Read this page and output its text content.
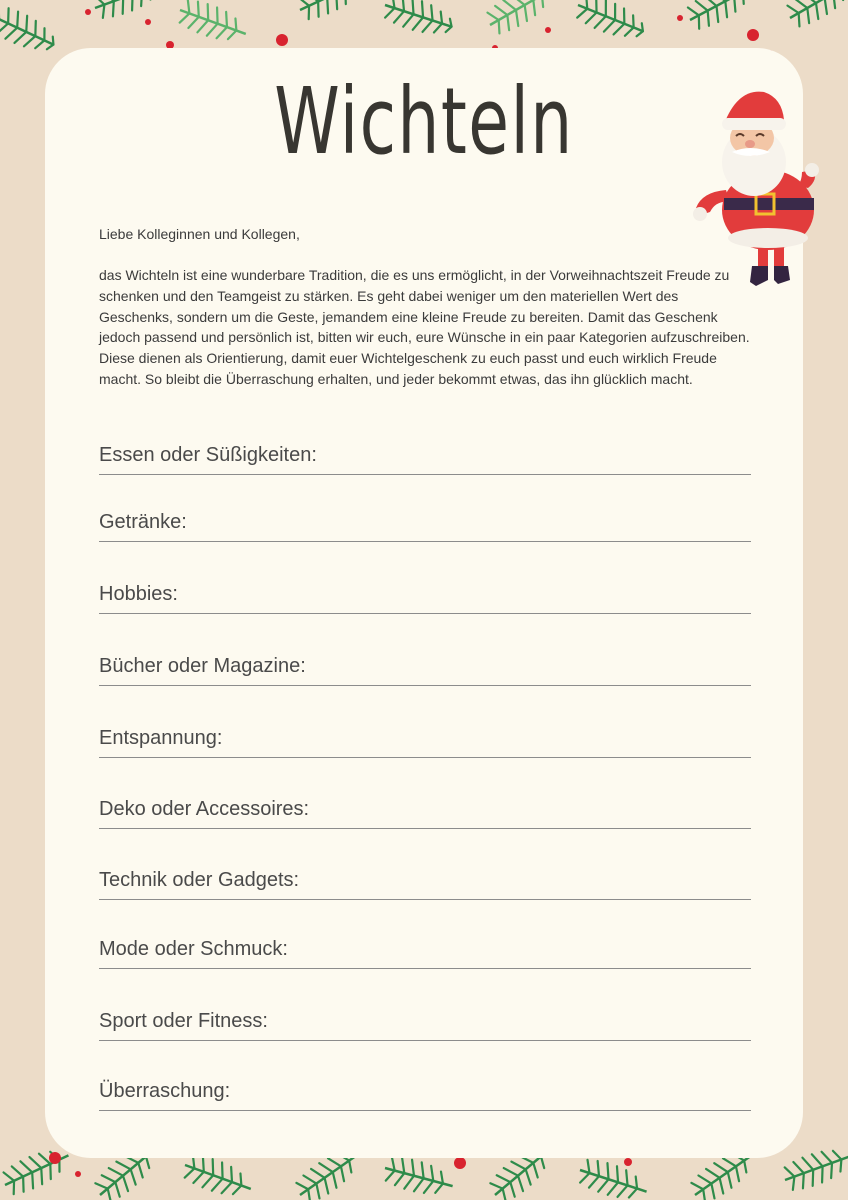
Wichteln
Liebe Kolleginnen und Kollegen,
das Wichteln ist eine wunderbare Tradition, die es uns ermöglicht, in der Vorweihnachtszeit Freude zu schenken und den Teamgeist zu stärken. Es geht dabei weniger um den materiellen Wert des Geschenks, sondern um die Geste, jemandem eine kleine Freude zu bereiten. Damit das Geschenk jedoch passend und persönlich ist, bitten wir euch, eure Wünsche in ein paar Kategorien aufzuschreiben. Diese dienen als Orientierung, damit euer Wichtelgeschenk zu euch passt und euch wirklich Freude macht. So bleibt die Überraschung erhalten, und jeder bekommt etwas, das ihn glücklich macht.
Essen oder Süßigkeiten:
Getränke:
Hobbies:
Bücher oder Magazine:
Entspannung:
Deko oder Accessoires:
Technik oder Gadgets:
Mode oder Schmuck:
Sport oder Fitness:
Überraschung:
